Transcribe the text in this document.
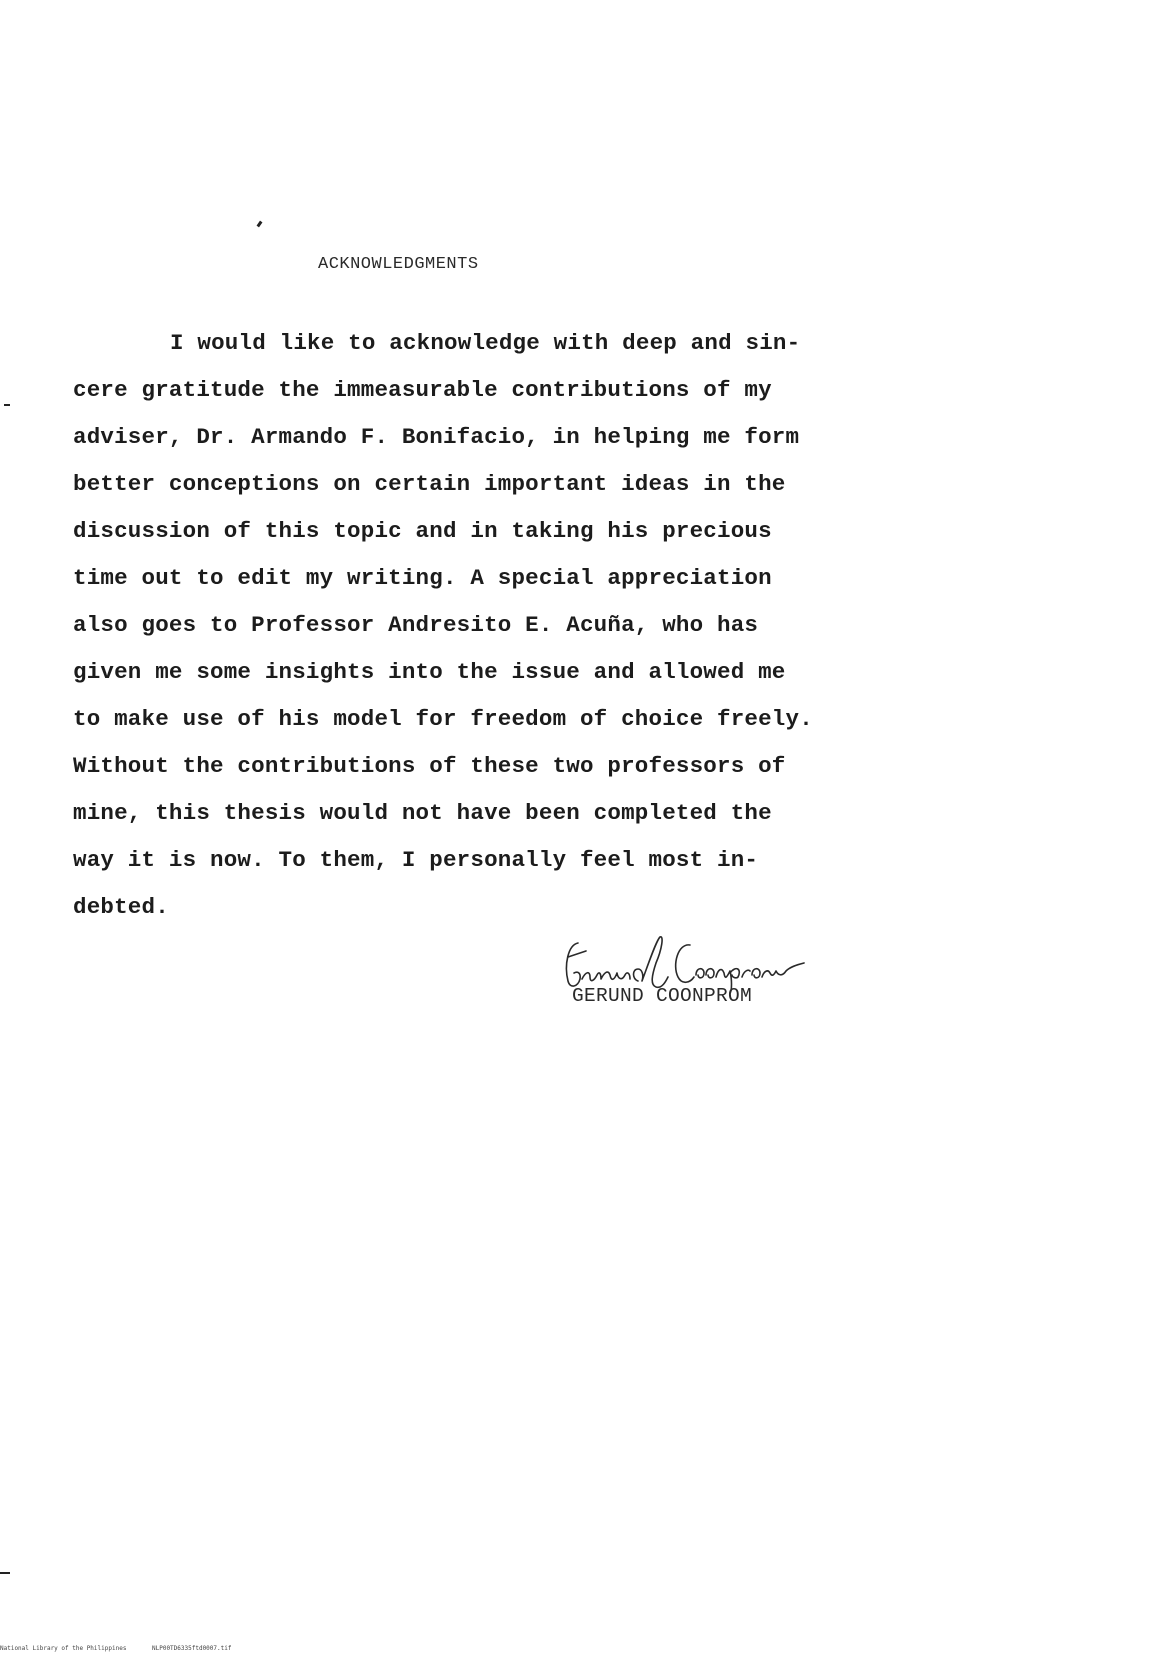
ACKNOWLEDGMENTS
I would like to acknowledge with deep and sin-
cere gratitude the immeasurable contributions of my
adviser, Dr. Armando F. Bonifacio, in helping me form
better conceptions on certain important ideas in the
discussion of this topic and in taking his precious
time out to edit my writing. A special appreciation
also goes to Professor Andresito E. Acuña, who has
given me some insights into the issue and allowed me
to make use of his model for freedom of choice freely.
Without the contributions of these two professors of
mine, this thesis would not have been completed the
way it is now. To them, I personally feel most in-
debted.
GERUND COONPROM
National Library of the Philippines	NLP00TD6335ftd0007.tif
